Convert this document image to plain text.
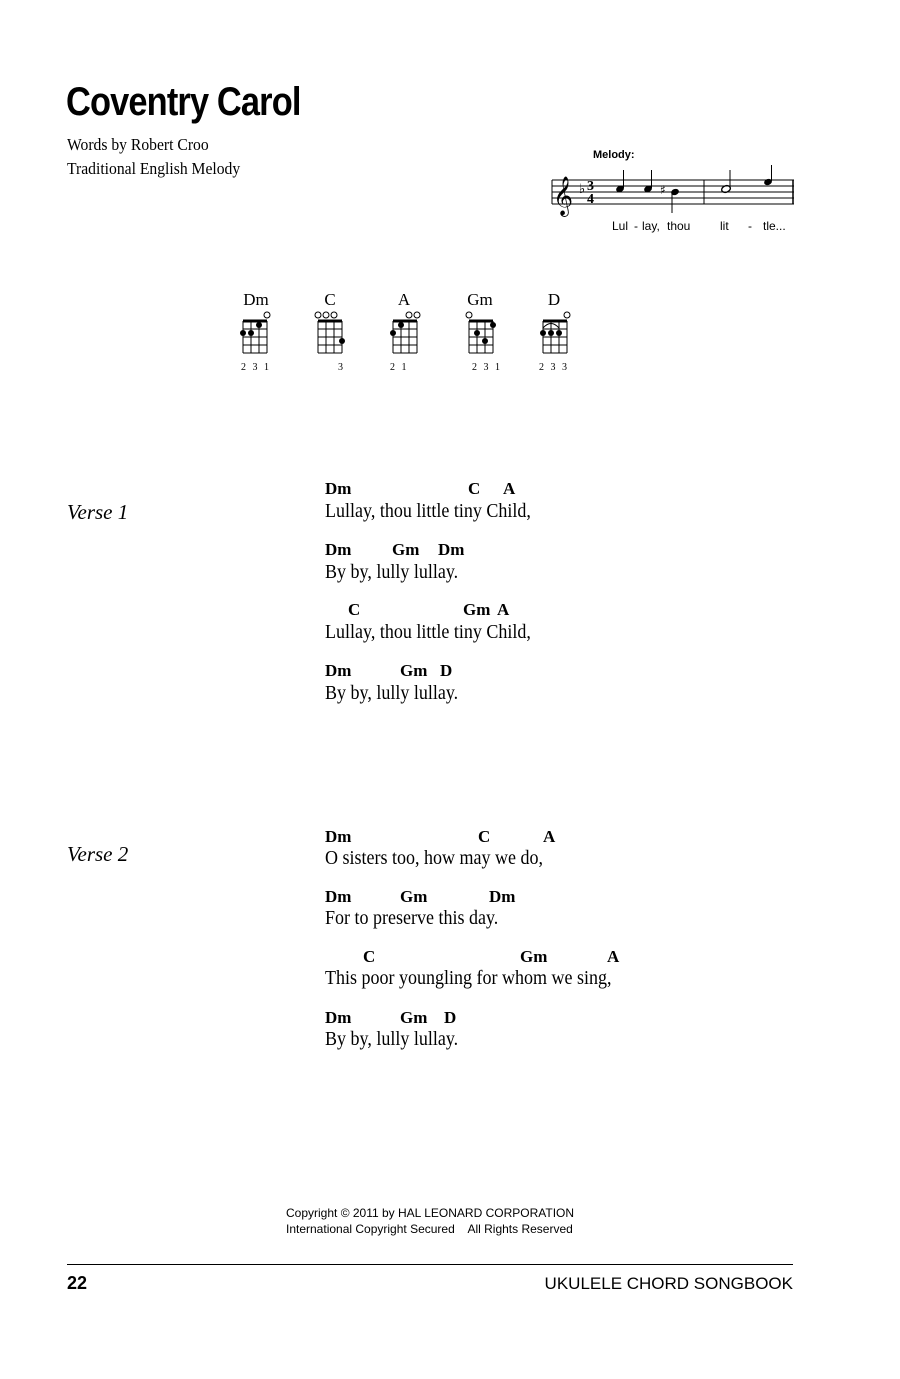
Coventry Carol
Words by Robert Croo
Traditional English Melody
Melody:
𝄞 ♭ 3
4
♯
Lul - lay, thou lit - tle...
Dm
2 3 1
C
3
A
2 1
Gm
2 3 1
D
2 3 3
Verse 1
Dm	C A
Lullay, thou little tiny Child,
Dm Gm Dm
By by, lully lullay.
C	Gm A
Lullay, thou little tiny Child,
Dm	Gm D
By by, lully lullay.
Verse 2
Dm	C	A
O sisters too, how may we do,
Dm	Gm	Dm
For to preserve this day.
C	Gm	A
This poor youngling for whom we sing,
Dm	Gm D
By by, lully lullay.
Copyright © 2011 by HAL LEONARD CORPORATION
International Copyright Secured    All Rights Reserved
22	UKULELE CHORD SONGBOOK
